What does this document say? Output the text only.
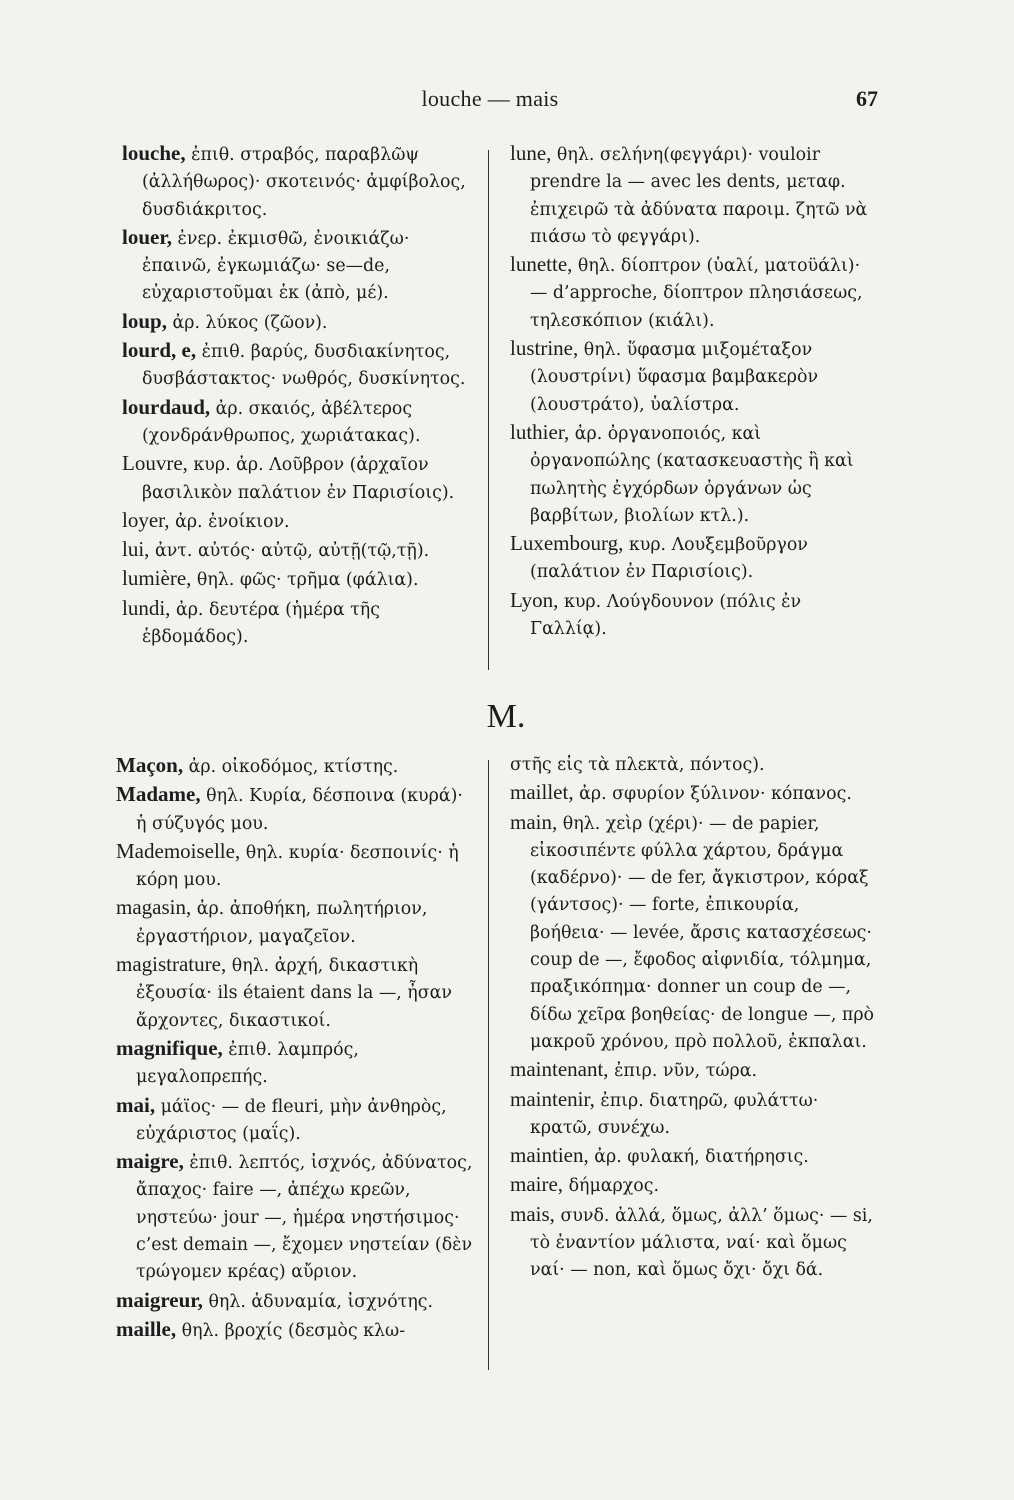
louche — mais	67

louche, ἐπιθ. στραβός, παραβλῶψ (ἀλλήθωρος)· σκοτεινός· ἀμφίβολος, δυσδιάκριτος.

louer, ἐνερ. ἐκμισθῶ, ἐνοικιάζω· ἐπαινῶ, ἐγκωμιάζω· se—de, εὐχαριστοῦμαι ἐκ (ἀπὸ, μέ).

loup, ἀρ. λύκος (ζῶον).

lourd, e, ἐπιθ. βαρύς, δυσδιακίνητος, δυσβάστακτος· νωθρός, δυσκίνητος.

lourdaud, ἀρ. σκαιός, ἀβέλτερος (χονδράνθρωπος, χωριάτακας).

Louvre, κυρ. ἀρ. Λοῦβρον (ἀρχαῖον βασιλικὸν παλάτιον ἐν Παρισίοις).

loyer, ἀρ. ἐνοίκιον.

lui, ἀντ. αὐτός· αὐτῷ, αὐτῇ(τῷ,τῇ).

lumière, θηλ. φῶς· τρῆμα (φάλια).

lundi, ἀρ. δευτέρα (ἡμέρα τῆς ἑβδομάδος).

lune, θηλ. σελήνη(φεγγάρι)· vouloir prendre la — avec les dents, μεταφ. ἐπιχειρῶ τὰ ἀδύνατα παροιμ. ζητῶ νὰ πιάσω τὸ φεγγάρι).

lunette, θηλ. δίοπτρον (ὑαλί, ματοϋάλι)· — d’approche, δίοπτρον πλησιάσεως, τηλεσκόπιον (κιάλι).

lustrine, θηλ. ὕφασμα μιξομέταξον (λουστρίνι) ὕφασμα βαμβακερὸν (λουστράτο), ὑαλίστρα.

luthier, ἀρ. ὀργανοποιός, καὶ ὀργανοπώλης (κατασκευαστὴς ἢ καὶ πωλητὴς ἐγχόρδων ὀργάνων ὡς βαρβίτων, βιολίων κτλ.).

Luxembourg, κυρ. Λουξεμβοῦργον (παλάτιον ἐν Παρισίοις).

Lyon, κυρ. Λούγδουνον (πόλις ἐν Γαλλίᾳ).

M.

Maçon, ἀρ. οἰκοδόμος, κτίστης.

Madame, θηλ. Κυρία, δέσποινα (κυρά)· ἡ σύζυγός μου.

Mademoiselle, θηλ. κυρία· δεσποινίς· ἡ κόρη μου.

magasin, ἀρ. ἀποθήκη, πωλητήριον, ἐργαστήριον, μαγαζεῖον.

magistrature, θηλ. ἀρχή, δικαστικὴ ἐξουσία· ils étaient dans la —, ἦσαν ἄρχοντες, δικαστικοί.

magnifique, ἐπιθ. λαμπρός, μεγαλοπρεπής.

mai, μάϊος· — de fleuri, μὴν ἀνθηρὸς, εὐχάριστος (μαΐς).

maigre, ἐπιθ. λεπτός, ἰσχνός, ἀδύνατος, ἄπαχος· faire —, ἀπέχω κρεῶν, νηστεύω· jour —, ἡμέρα νηστήσιμος· c’est demain —, ἔχομεν νηστείαν (δὲν τρώγομεν κρέας) αὔριον.

maigreur, θηλ. ἀδυναμία, ἰσχνότης.

maille, θηλ. βροχίς (δεσμὸς κλω-

στῆς εἰς τὰ πλεκτὰ, πόντος).

maillet, ἀρ. σφυρίον ξύλινον· κόπανος.

main, θηλ. χεὶρ (χέρι)· — de papier, εἰκοσιπέντε φύλλα χάρτου, δράγμα (καδέρνο)· — de fer, ἄγκιστρον, κόραξ (γάντσος)· — forte, ἐπικουρία, βοήθεια· — levée, ἄρσις κατασχέσεως· coup de —, ἔφοδος αἰφνιδία, τόλμημα, πραξικόπημα· donner un coup de —, δίδω χεῖρα βοηθείας· de longue —, πρὸ μακροῦ χρόνου, πρὸ πολλοῦ, ἐκπαλαι.

maintenant, ἐπιρ. νῦν, τώρα.

maintenir, ἐπιρ. διατηρῶ, φυλάττω· κρατῶ, συνέχω.

maintien, ἀρ. φυλακή, διατήρησις.

maire, δήμαρχος.

mais, συνδ. ἀλλά, ὅμως, ἀλλ’ ὅμως· — si, τὸ ἐναντίον μάλιστα, ναί· καὶ ὅμως ναί· — non, καὶ ὅμως ὄχι· ὄχι δά.
